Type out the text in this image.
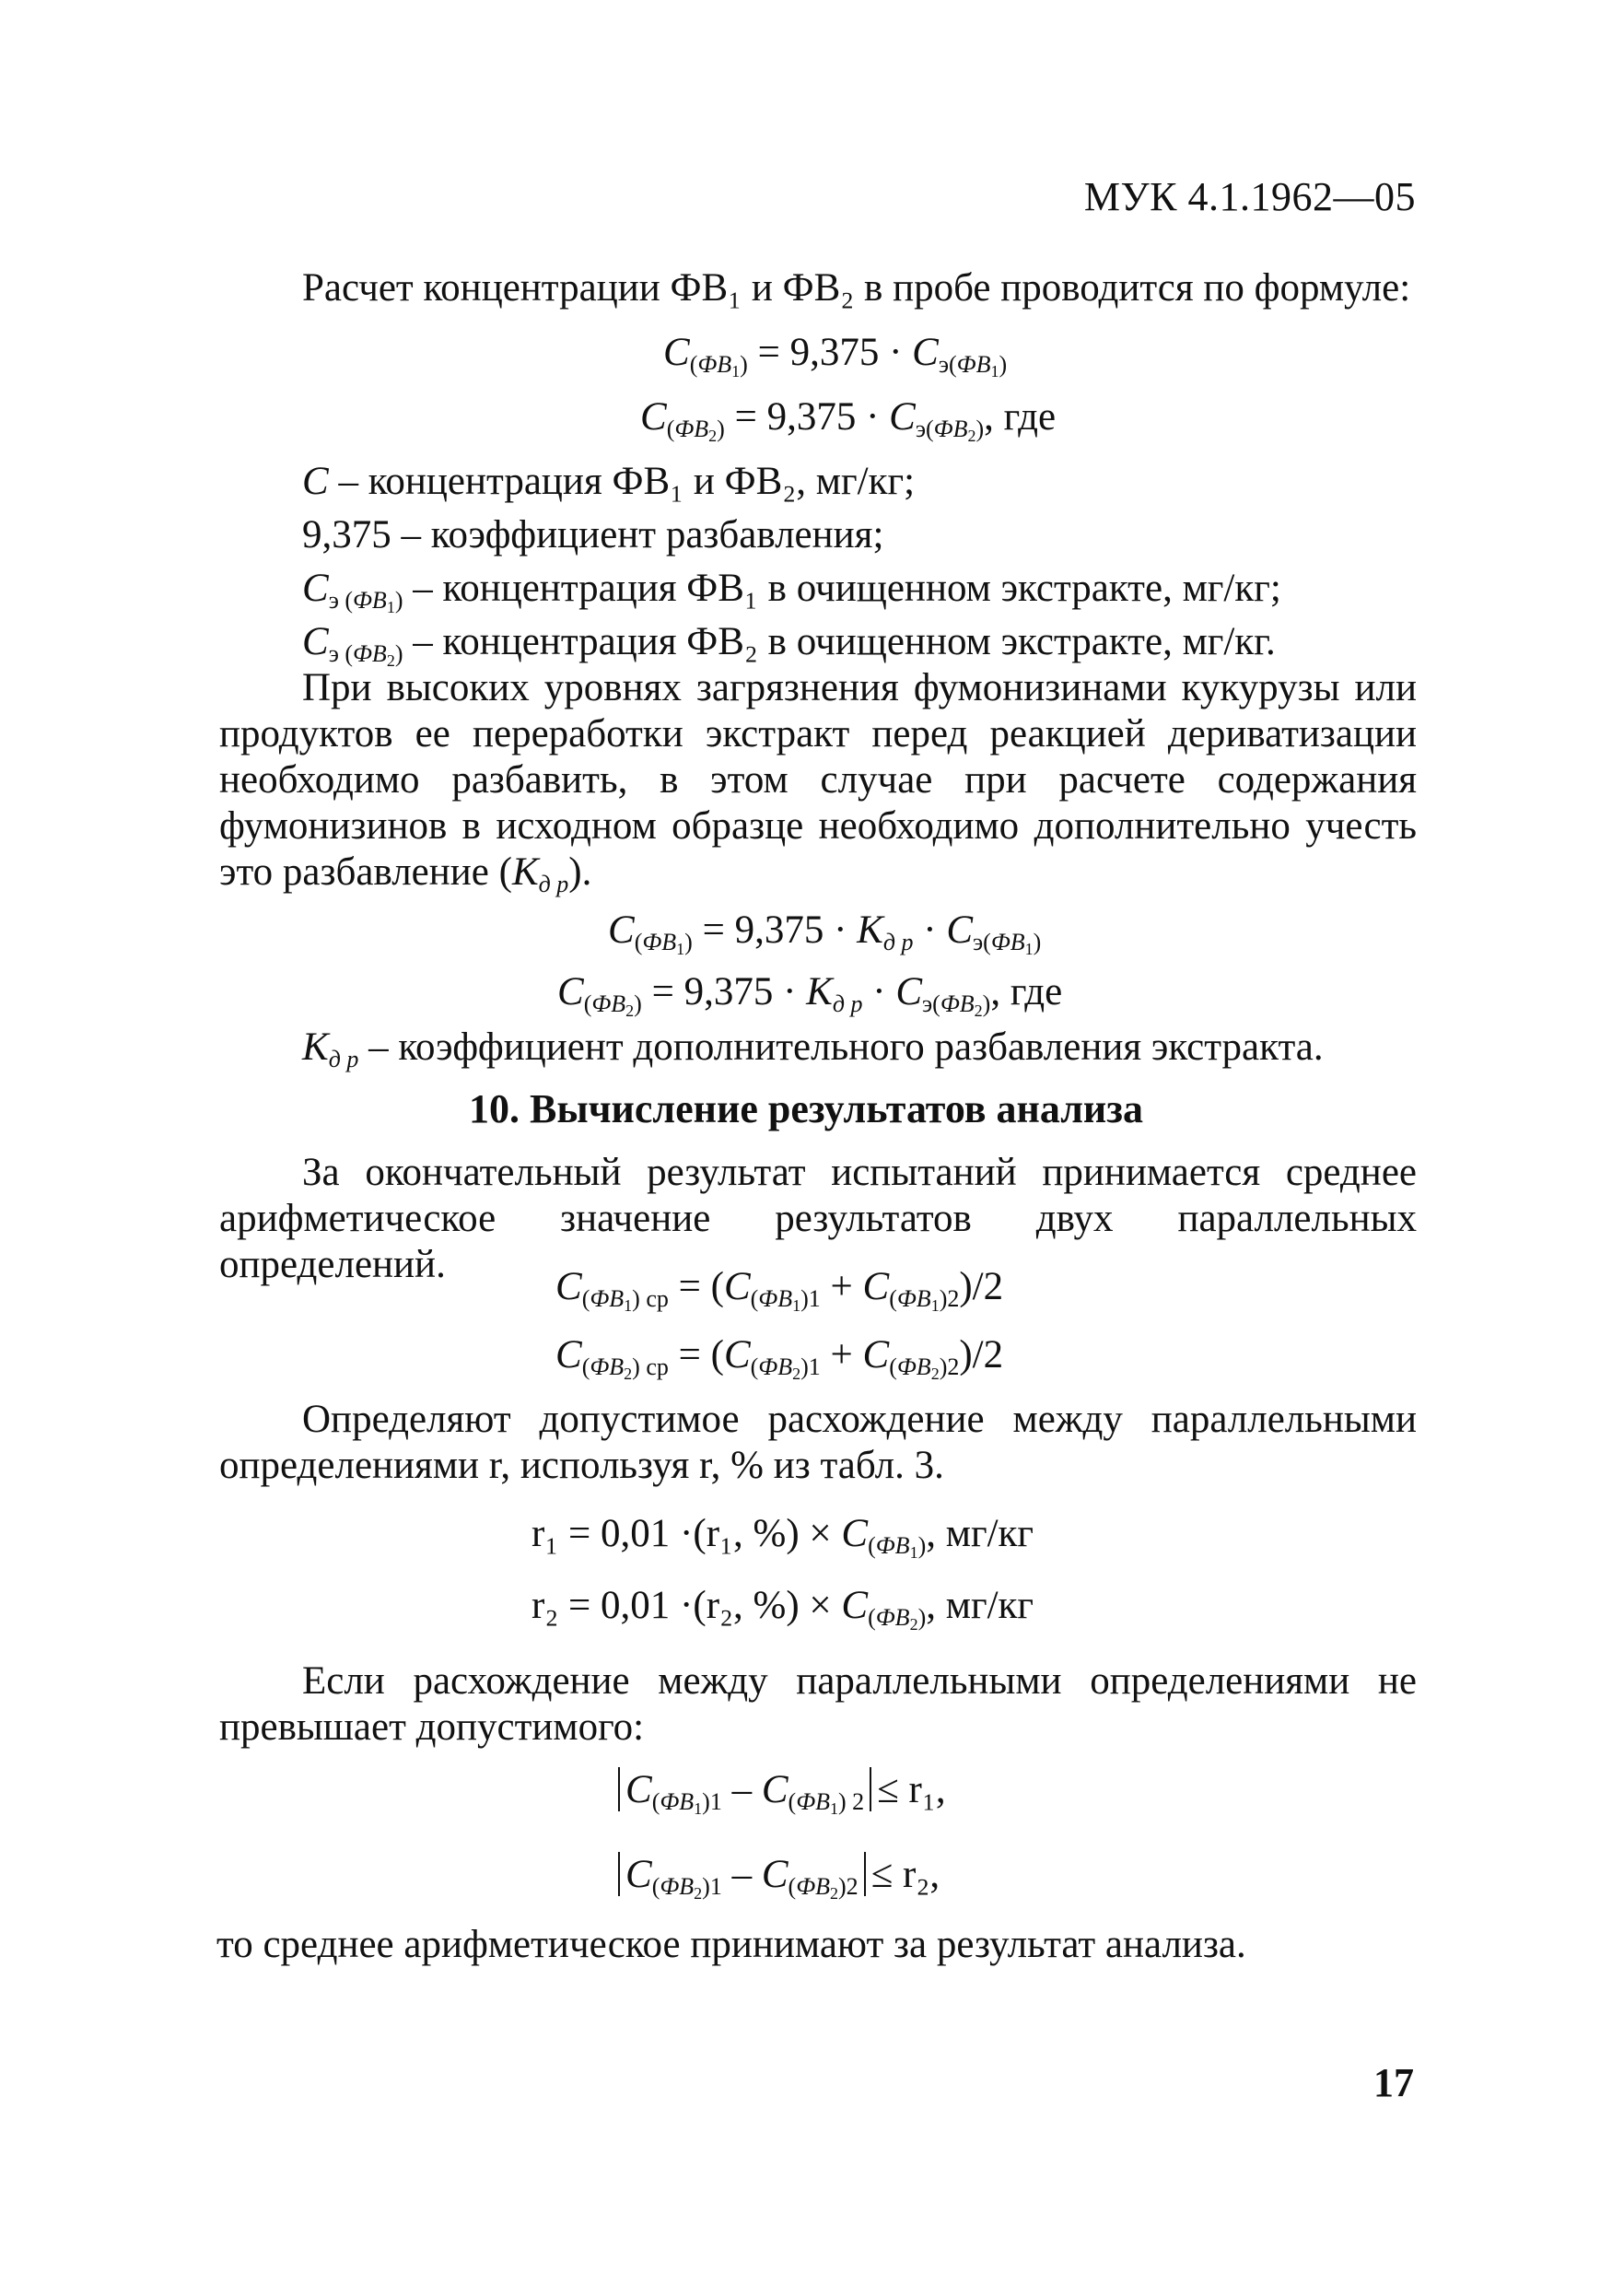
МУК 4.1.1962—05
Расчет концентрации ФВ₁ и ФВ₂ в пробе проводится по формуле:
$C_{(ФВ_1)} = 9,375 \cdot C_{э(ФВ_1)}$
$C_{(ФВ_2)} = 9,375 \cdot C_{э(ФВ_2)}$, где
C – концентрация ФВ₁ и ФВ₂, мг/кг;
9,375 – коэффициент разбавления;
$C_{э (ФВ_1)}$ – концентрация ФВ₁ в очищенном экстракте, мг/кг;
$C_{э (ФВ_2)}$ – концентрация ФВ₂ в очищенном экстракте, мг/кг.
При высоких уровнях загрязнения фумонизинами кукурузы или продуктов ее переработки экстракт перед реакцией дериватизации необходимо разбавить, в этом случае при расчете содержания фумонизинов в исходном образце необходимо дополнительно учесть это разбавление $(K_{д р})$.
$C_{(ФВ_1)} = 9,375 \cdot K_{д р} \cdot C_{э(ФВ_1)}$
$C_{(ФВ_2)} = 9,375 \cdot K_{д р} \cdot C_{э(ФВ_2)}$, где
$K_{д р}$ – коэффициент дополнительного разбавления экстракта.
10. Вычисление результатов анализа
За окончательный результат испытаний принимается среднее арифметическое значение результатов двух параллельных определений.
$C_{(ФВ_1) ср} = (C_{(ФВ_1)1} + C_{(ФВ_1)2})/2$
$C_{(ФВ_2) ср} = (C_{(ФВ_2)1} + C_{(ФВ_2)2})/2$
Определяют допустимое расхождение между параллельными определениями r, используя r, % из табл. 3.
r₁ = 0,01 ·(r₁, %) × $C_{(ФВ_1)}$, мг/кг
r₂ = 0,01 ·(r₂, %) × $C_{(ФВ_2)}$, мг/кг
Если расхождение между параллельными определениями не превышает допустимого:
$C_{(ФВ_1)1} - C_{(ФВ_1) 2} \le r_1$,
$C_{(ФВ_2)1} - C_{(ФВ_2)2} \le r_2$,
то среднее арифметическое принимают за результат анализа.
17
